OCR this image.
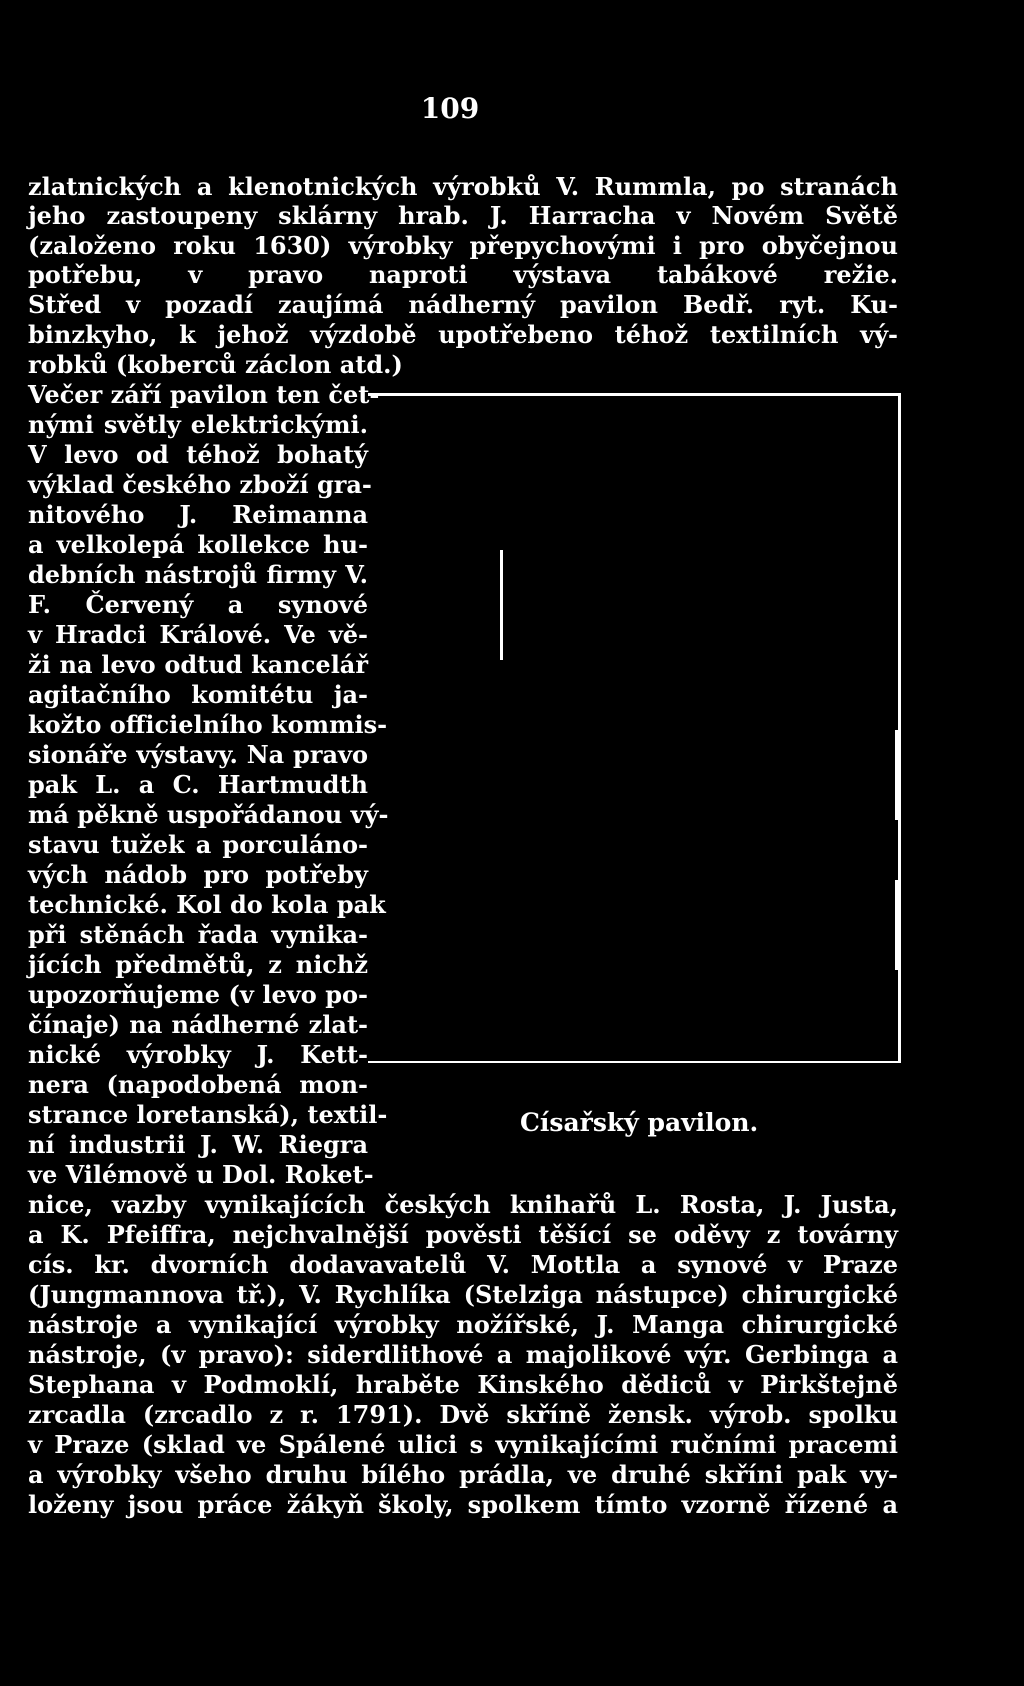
109
zlatnických a klenotnických výrobků V. Rummla, po stranách
jeho zastoupeny sklárny hrab. J. Harracha v Novém Světě
(založeno roku 1630) výrobky přepychovými i pro obyčejnou
potřebu, v pravo naproti výstava tabákové režie.
Střed v pozadí zaujímá nádherný pavilon Bedř. ryt. Ku-
binzkyho, k jehož výzdobě upotřebeno téhož textilních vý-
robků (koberců záclon atd.)
Večer září pavilon ten čet-
nými světly elektrickými.
V levo od téhož bohatý
výklad českého zboží gra-
nitového J. Reimanna
a velkolepá kollekce hu-
debních nástrojů firmy V.
F. Červený a synové
v Hradci Králové. Ve vě-
ži na levo odtud kancelář
agitačního komitétu ja-
kožto officielního kommis-
sionáře výstavy. Na pravo
pak L. a C. Hartmudth
má pěkně uspořádanou vý-
stavu tužek a porculáno-
vých nádob pro potřeby
technické. Kol do kola pak
při stěnách řada vynika-
jících předmětů, z nichž
upozorňujeme (v levo po-
čínaje) na nádherné zlat-
nické výrobky J. Kett-
nera (napodobená mon-
strance loretanská), textil-
ní industrii J. W. Riegra
Císařský pavilon.
ve Vilémově u Dol. Roket-
nice, vazby vynikajících českých knihařů L. Rosta, J. Justa,
a K. Pfeiffra, nejchvalnější pověsti těšící se oděvy z továrny
cís. kr. dvorních dodavavatelů V. Mottla a synové v Praze
(Jungmannova tř.), V. Rychlíka (Stelziga nástupce) chirurgické
nástroje a vynikající výrobky nožířské, J. Manga chirurgické
nástroje, (v pravo): siderdlithové a majolikové výr. Gerbinga a
Stephana v Podmoklí, hraběte Kinského dědiců v Pirkštejně
zrcadla (zrcadlo z r. 1791). Dvě skříně žensk. výrob. spolku
v Praze (sklad ve Spálené ulici s vynikajícími ručními pracemi
a výrobky všeho druhu bílého prádla, ve druhé skříni pak vy-
loženy jsou práce žákyň školy, spolkem tímto vzorně řízené a
